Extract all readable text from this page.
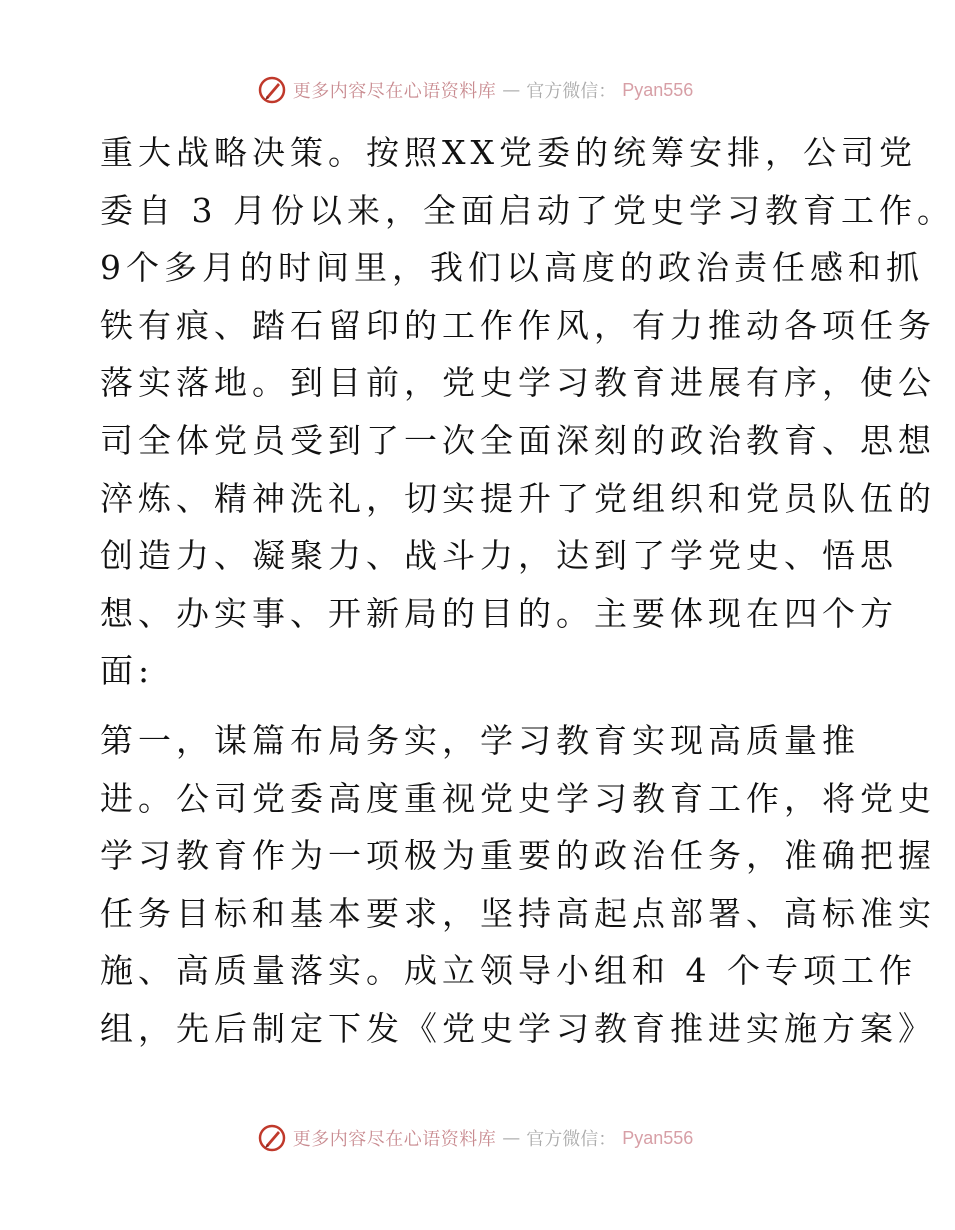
更多内容尽在心语资料库 — 官方微信： Pyan556
重大战略决策。按照XX党委的统筹安排，公司党
委自 3 月份以来，全面启动了党史学习教育工作。
9个多月的时间里，我们以高度的政治责任感和抓
铁有痕、踏石留印的工作作风，有力推动各项任务
落实落地。到目前，党史学习教育进展有序，使公
司全体党员受到了一次全面深刻的政治教育、思想
淬炼、精神洗礼，切实提升了党组织和党员队伍的
创造力、凝聚力、战斗力，达到了学党史、悟思
想、办实事、开新局的目的。主要体现在四个方
面:
第一，谋篇布局务实，学习教育实现高质量推
进。公司党委高度重视党史学习教育工作，将党史
学习教育作为一项极为重要的政治任务，准确把握
任务目标和基本要求，坚持高起点部署、高标准实
施、高质量落实。成立领导小组和 4 个专项工作
组，先后制定下发《党史学习教育推进实施方案》
更多内容尽在心语资料库 — 官方微信： Pyan556
